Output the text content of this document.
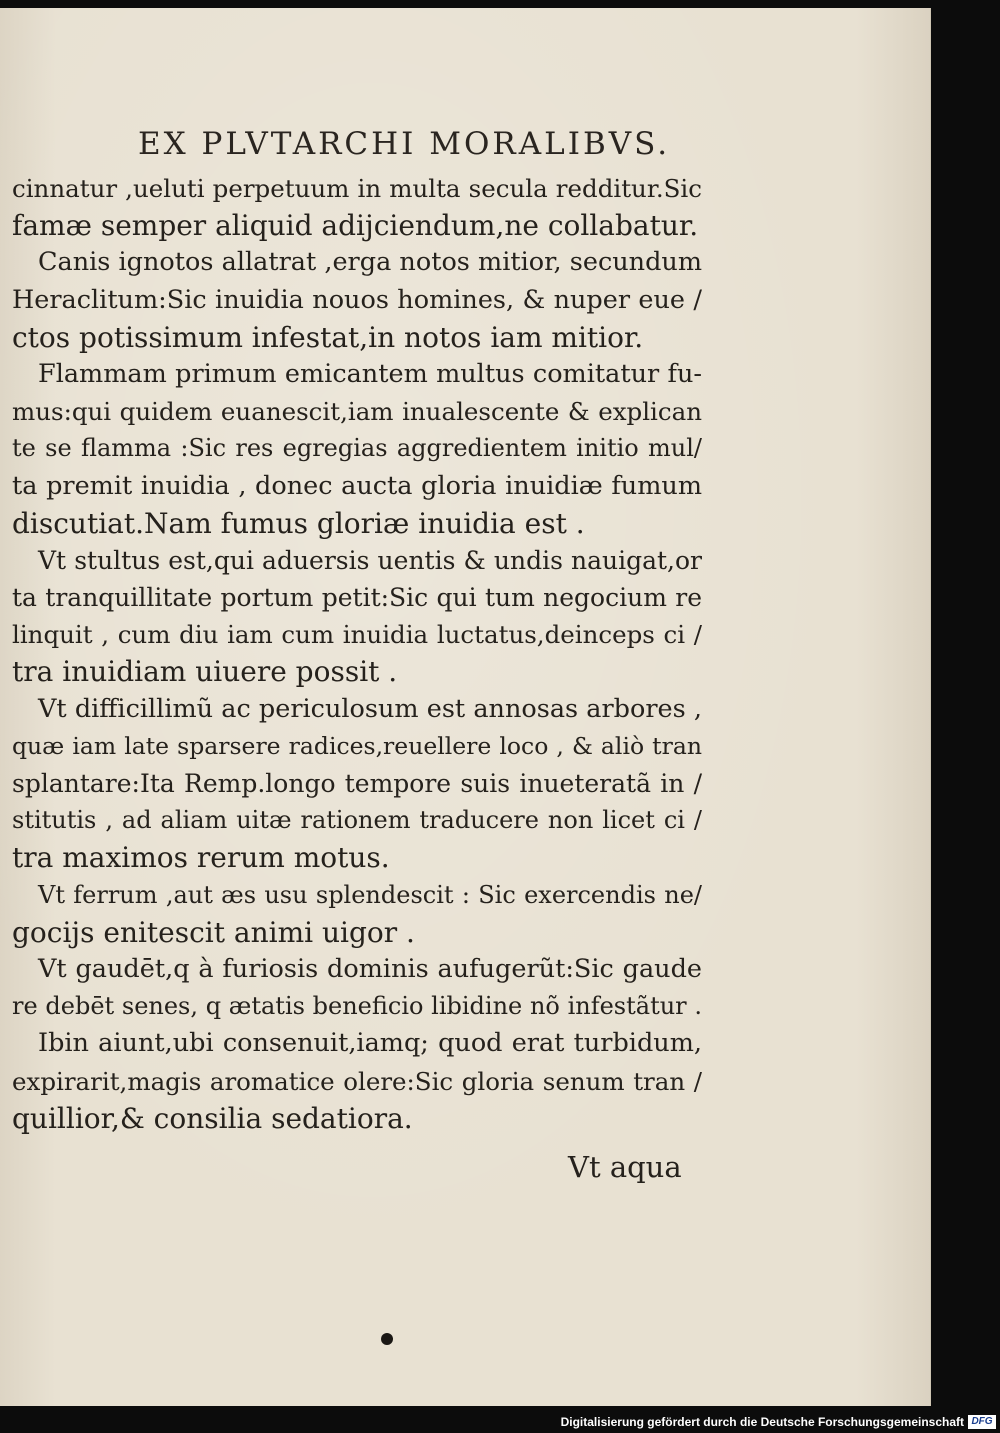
EX PLVTARCHI MORALIBVS.
cinnatur ,ueluti perpetuum in multa secula redditur.Sic
famæ semper aliquid adijciendum,ne collabatur.
Canis ignotos allatrat ,erga notos mitior, secundum
Heraclitum:Sic inuidia nouos homines, & nuper eue /
ctos potissimum infestat,in notos iam mitior.
Flammam primum emicantem multus comitatur fu-
mus:qui quidem euanescit,iam inualescente & explican
te se flamma :Sic res egregias aggredientem initio mul/
ta premit inuidia , donec aucta gloria inuidiæ fumum
discutiat.Nam fumus gloriæ inuidia est .
Vt stultus est,qui aduersis uentis & undis nauigat,or
ta tranquillitate portum petit:Sic qui tum negocium re
linquit , cum diu iam cum inuidia luctatus,deinceps ci /
tra inuidiam uiuere possit .
Vt difficillimũ ac periculosum est annosas arbores ,
quæ iam late sparsere radices,reuellere loco , & aliò tran
splantare:Ita Remp.longo tempore suis inueteratã in /
stitutis , ad aliam uitæ rationem traducere non licet ci /
tra maximos rerum motus.
Vt ferrum ,aut æs usu splendescit : Sic exercendis ne/
gocijs enitescit animi uigor .
Vt gaudēt,q à furiosis dominis aufugerũt:Sic gaude
re debēt senes, q ætatis beneficio libidine nõ infestãtur .
Ibin aiunt,ubi consenuit,iamq; quod erat turbidum,
expirarit,magis aromatice olere:Sic gloria senum tran /
quillior,& consilia sedatiora.
Vt aqua
Digitalisierung gefördert durch die Deutsche Forschungsgemeinschaft DFG
